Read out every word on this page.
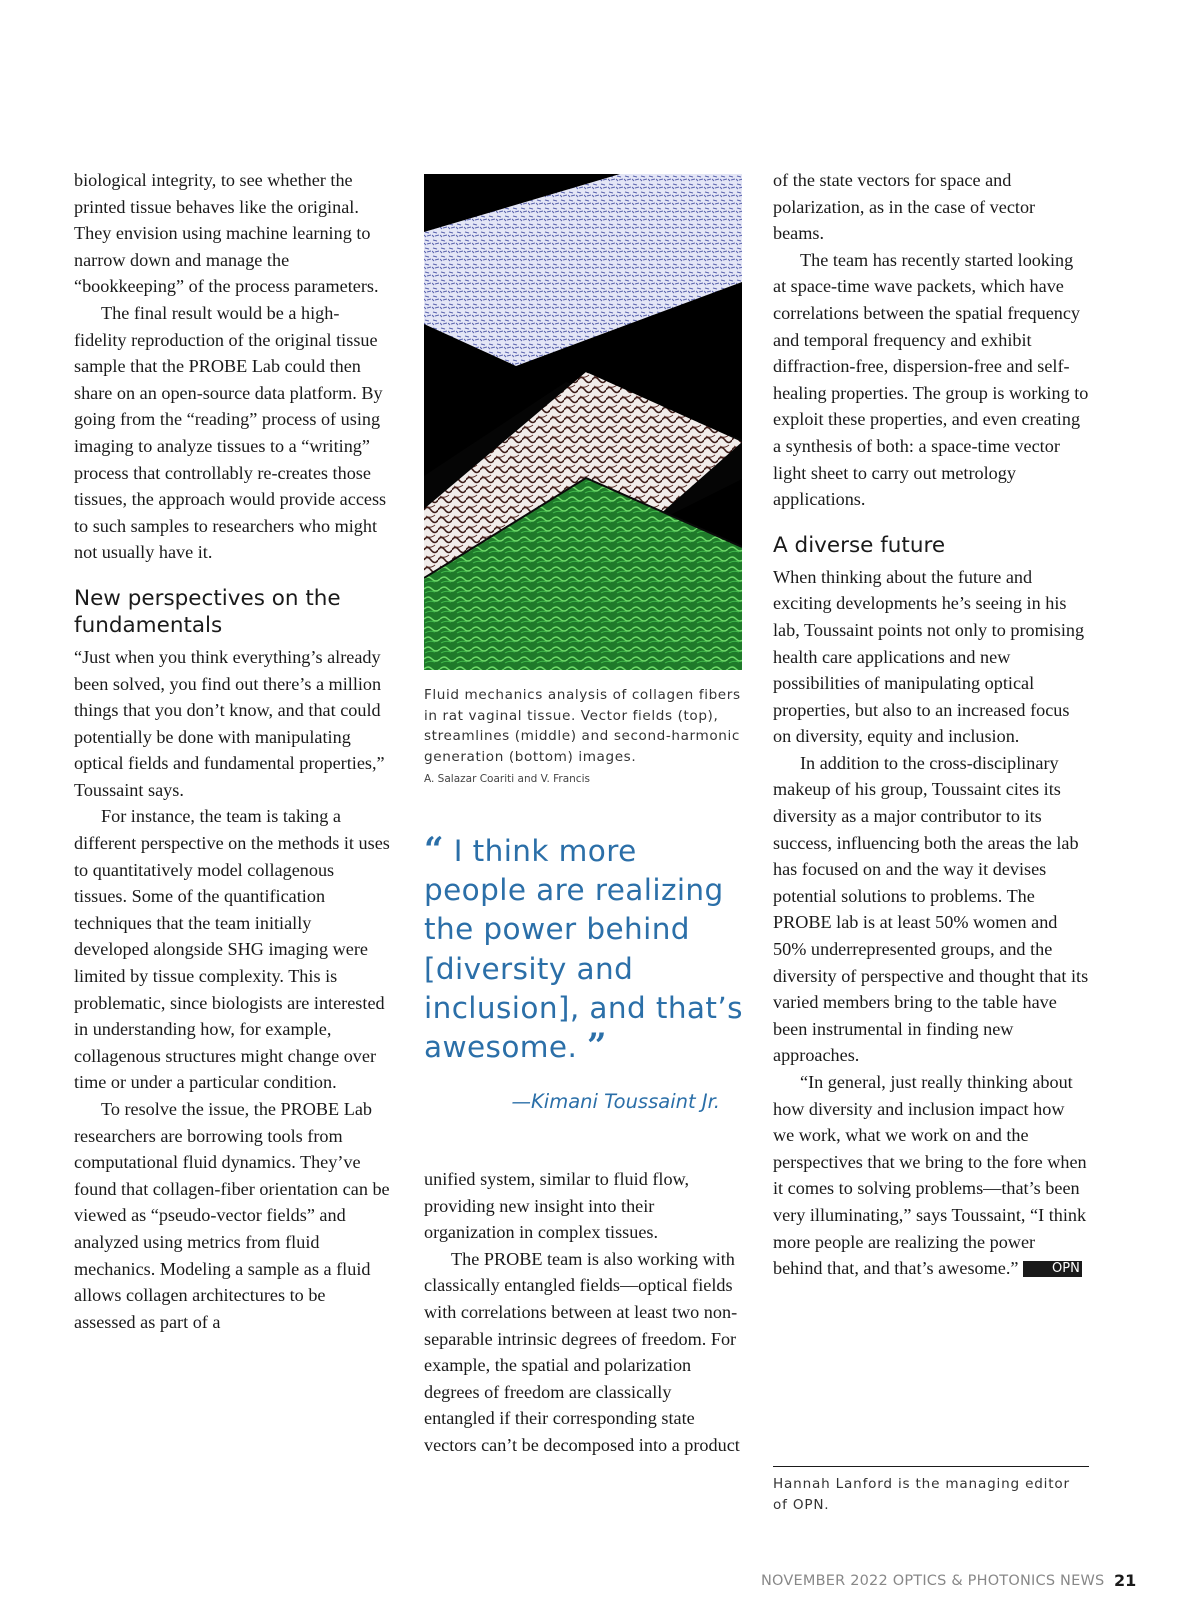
biological integrity, to see whether the printed tissue behaves like the original. They envision using machine learning to narrow down and manage the “bookkeeping” of the process parameters.

The final result would be a high-fidelity reproduction of the original tissue sample that the PROBE Lab could then share on an open-source data platform. By going from the “reading” process of using imaging to analyze tissues to a “writing” process that controllably re-creates those tissues, the approach would provide access to such samples to researchers who might not usually have it.

New perspectives on the fundamentals

“Just when you think everything’s already been solved, you find out there’s a million things that you don’t know, and that could potentially be done with manipulating optical fields and fundamental properties,” Toussaint says.

For instance, the team is taking a different perspective on the methods it uses to quantitatively model collagenous tissues. Some of the quantification techniques that the team initially developed alongside SHG imaging were limited by tissue complexity. This is problematic, since biologists are interested in understanding how, for example, collagenous structures might change over time or under a particular condition.

To resolve the issue, the PROBE Lab researchers are borrowing tools from computational fluid dynamics. They’ve found that collagen-fiber orientation can be viewed as “pseudo-vector fields” and analyzed using metrics from fluid mechanics. Modeling a sample as a fluid allows collagen architectures to be assessed as part of a

Fluid mechanics analysis of collagen fibers in rat vaginal tissue. Vector fields (top), streamlines (middle) and second-harmonic generation (bottom) images.
A. Salazar Coariti and V. Francis
“ I think more people are realizing the power behind [diversity and inclusion], and that’s awesome. ”
—Kimani Toussaint Jr.

unified system, similar to fluid flow, providing new insight into their organization in complex tissues.

The PROBE team is also working with classically entangled fields—optical fields with correlations between at least two non-separable intrinsic degrees of freedom. For example, the spatial and polarization degrees of freedom are classically entangled if their corresponding state vectors can’t be decomposed into a product

of the state vectors for space and polarization, as in the case of vector beams.

The team has recently started looking at space-time wave packets, which have correlations between the spatial frequency and temporal frequency and exhibit diffraction-free, dispersion-free and self-healing properties. The group is working to exploit these properties, and even creating a synthesis of both: a space-time vector light sheet to carry out metrology applications.

A diverse future

When thinking about the future and exciting developments he’s seeing in his lab, Toussaint points not only to promising health care applications and new possibilities of manipulating optical properties, but also to an increased focus on diversity, equity and inclusion.

In addition to the cross-disciplinary makeup of his group, Toussaint cites its diversity as a major contributor to its success, influencing both the areas the lab has focused on and the way it devises potential solutions to problems. The PROBE lab is at least 50% women and 50% underrepresented groups, and the diversity of perspective and thought that its varied members bring to the table have been instrumental in finding new approaches.

“In general, just really thinking about how diversity and inclusion impact how we work, what we work on and the perspectives that we bring to the fore when it comes to solving problems—that’s been very illuminating,” says Toussaint, “I think more people are realizing the power behind that, and that’s awesome.”	OPN

Hannah Lanford is the managing editor of OPN.
NOVEMBER 2022 OPTICS & PHOTONICS NEWS 21
